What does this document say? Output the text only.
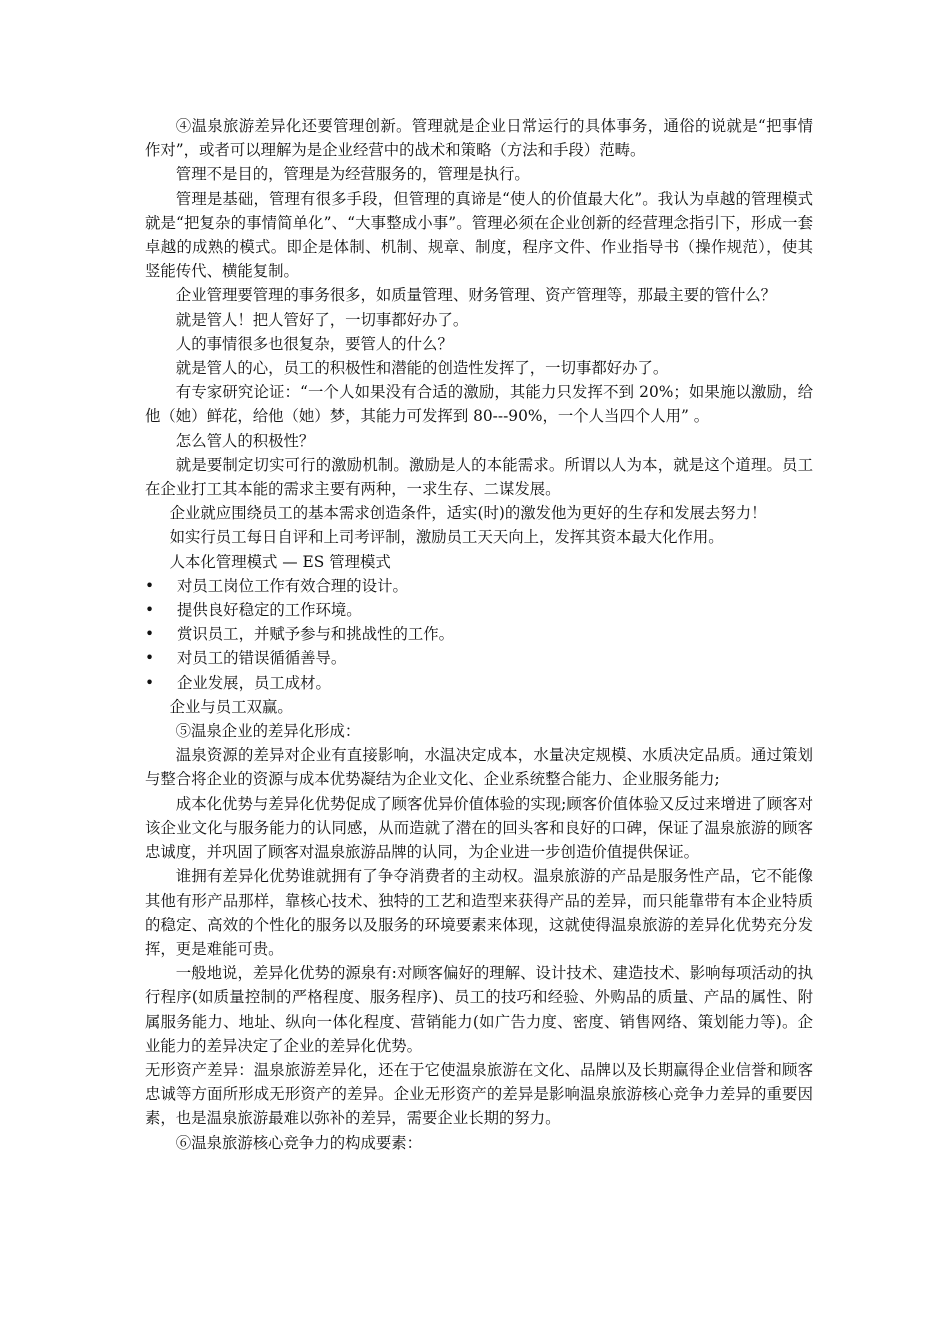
④温泉旅游差异化还要管理创新。管理就是企业日常运行的具体事务，通俗的说就是“把事情作对”，或者可以理解为是企业经营中的战术和策略（方法和手段）范畴。

管理不是目的，管理是为经营服务的，管理是执行。

管理是基础，管理有很多手段，但管理的真谛是“使人的价值最大化”。我认为卓越的管理模式就是“把复杂的事情简单化”、“大事整成小事”。管理必须在企业创新的经营理念指引下，形成一套卓越的成熟的模式。即企是体制、机制、规章、制度，程序文件、作业指导书（操作规范），使其竖能传代、横能复制。

企业管理要管理的事务很多，如质量管理、财务管理、资产管理等，那最主要的管什么？

就是管人！把人管好了，一切事都好办了。

人的事情很多也很复杂，要管人的什么？

就是管人的心，员工的积极性和潜能的创造性发挥了，一切事都好办了。

有专家研究论证：“一个人如果没有合适的激励，其能力只发挥不到 20%；如果施以激励，给他（她）鲜花，给他（她）梦，其能力可发挥到 80---90%，一个人当四个人用” 。

怎么管人的积极性？

就是要制定切实可行的激励机制。激励是人的本能需求。所谓以人为本，就是这个道理。员工在企业打工其本能的需求主要有两种，一求生存、二谋发展。

企业就应围绕员工的基本需求创造条件，适实(时)的激发他为更好的生存和发展去努力！

如实行员工每日自评和上司考评制，激励员工天天向上，发挥其资本最大化作用。

人本化管理模式 — ES 管理模式

• 对员工岗位工作有效合理的设计。
• 提供良好稳定的工作环境。
• 赏识员工，并赋予参与和挑战性的工作。
• 对员工的错误循循善导。
• 企业发展，员工成材。

企业与员工双赢。

⑤温泉企业的差异化形成：

温泉资源的差异对企业有直接影响，水温决定成本，水量决定规模、水质决定品质。通过策划与整合将企业的资源与成本优势凝结为企业文化、企业系统整合能力、企业服务能力;

成本化优势与差异化优势促成了顾客优异价值体验的实现;顾客价值体验又反过来增进了顾客对该企业文化与服务能力的认同感，从而造就了潜在的回头客和良好的口碑，保证了温泉旅游的顾客忠诚度，并巩固了顾客对温泉旅游品牌的认同，为企业进一步创造价值提供保证。

谁拥有差异化优势谁就拥有了争夺消费者的主动权。温泉旅游的产品是服务性产品，它不能像其他有形产品那样，靠核心技术、独特的工艺和造型来获得产品的差异，而只能靠带有本企业特质的稳定、高效的个性化的服务以及服务的环境要素来体现，这就使得温泉旅游的差异化优势充分发挥，更是难能可贵。

一般地说，差异化优势的源泉有:对顾客偏好的理解、设计技术、建造技术、影响每项活动的执行程序(如质量控制的严格程度、服务程序)、员工的技巧和经验、外购品的质量、产品的属性、附属服务能力、地址、纵向一体化程度、营销能力(如广告力度、密度、销售网络、策划能力等)。企业能力的差异决定了企业的差异化优势。

无形资产差异：温泉旅游差异化，还在于它使温泉旅游在文化、品牌以及长期赢得企业信誉和顾客忠诚等方面所形成无形资产的差异。企业无形资产的差异是影响温泉旅游核心竞争力差异的重要因素，也是温泉旅游最难以弥补的差异，需要企业长期的努力。

⑥温泉旅游核心竞争力的构成要素：
